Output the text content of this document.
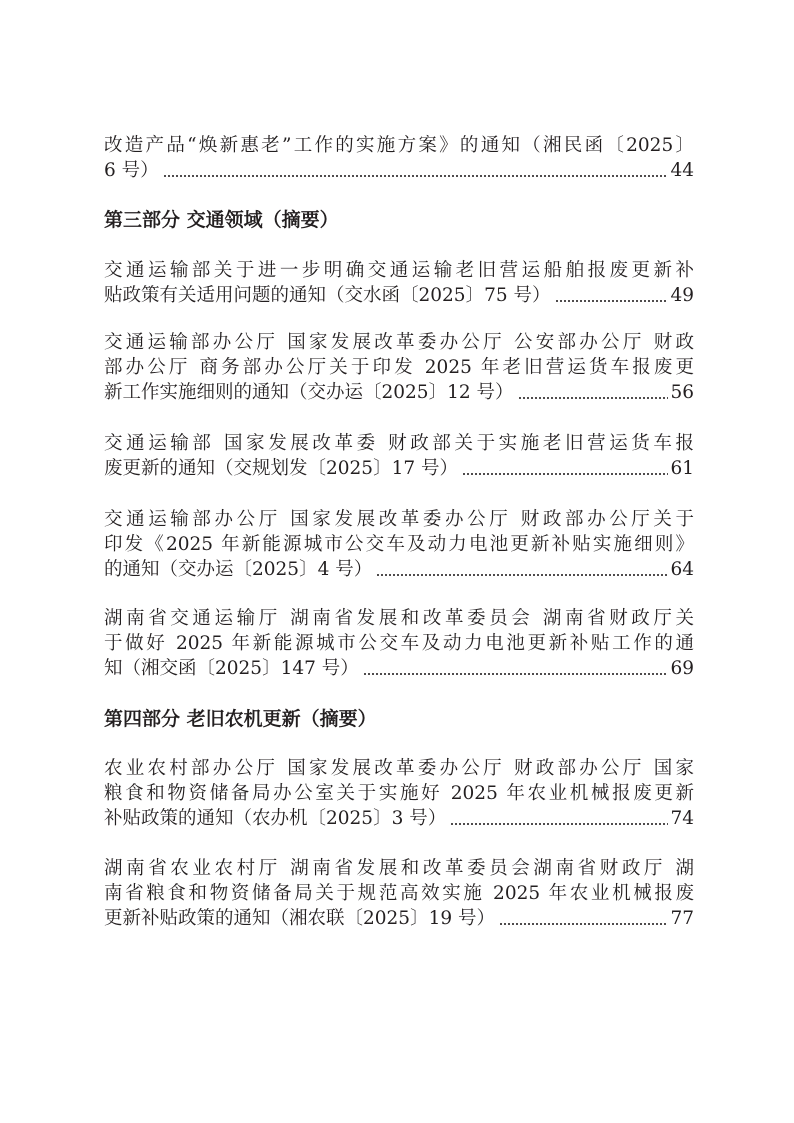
改造产品“焕新惠老”工作的实施方案》的通知（湘民函〔2025〕
6 号）	44
第三部分 交通领域（摘要）
交通运输部关于进一步明确交通运输老旧营运船舶报废更新补
贴政策有关适用问题的通知（交水函〔2025〕75 号）	49
交通运输部办公厅 国家发展改革委办公厅 公安部办公厅 财政
部办公厅 商务部办公厅关于印发 2025 年老旧营运货车报废更
新工作实施细则的通知（交办运〔2025〕12 号）	56
交通运输部 国家发展改革委 财政部关于实施老旧营运货车报
废更新的通知（交规划发〔2025〕17 号）	61
交通运输部办公厅 国家发展改革委办公厅 财政部办公厅关于
印发《2025 年新能源城市公交车及动力电池更新补贴实施细则》
的通知（交办运〔2025〕4 号）	64
湖南省交通运输厅 湖南省发展和改革委员会 湖南省财政厅关
于做好 2025 年新能源城市公交车及动力电池更新补贴工作的通
知（湘交函〔2025〕147 号）	69
第四部分 老旧农机更新（摘要）
农业农村部办公厅 国家发展改革委办公厅 财政部办公厅 国家
粮食和物资储备局办公室关于实施好 2025 年农业机械报废更新
补贴政策的通知（农办机〔2025〕3 号）	74
湖南省农业农村厅 湖南省发展和改革委员会湖南省财政厅 湖
南省粮食和物资储备局关于规范高效实施 2025 年农业机械报废
更新补贴政策的通知（湘农联〔2025〕19 号）	77
